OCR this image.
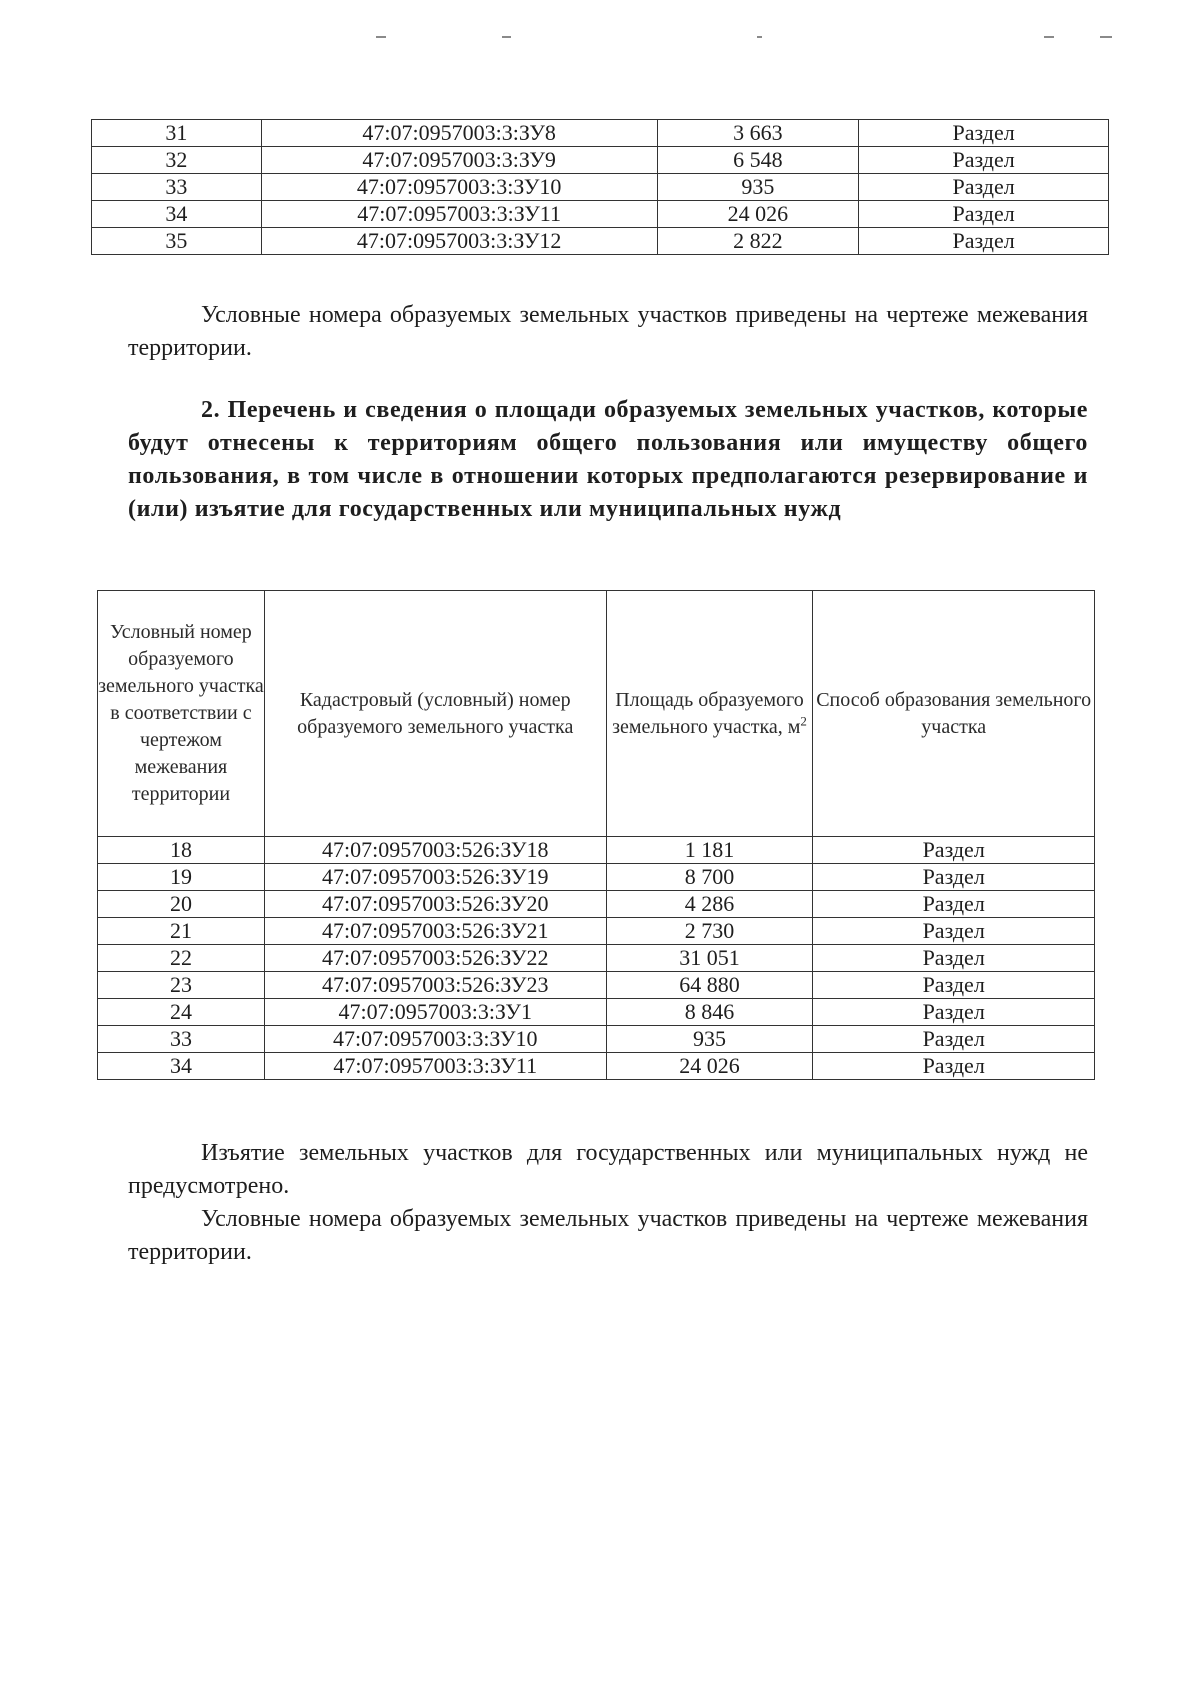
31	47:07:0957003:3:ЗУ8	3 663	Раздел
32	47:07:0957003:3:ЗУ9	6 548	Раздел
33	47:07:0957003:3:ЗУ10	935	Раздел
34	47:07:0957003:3:ЗУ11	24 026	Раздел
35	47:07:0957003:3:ЗУ12	2 822	Раздел

Условные номера образуемых земельных участков приведены на чертеже межевания территории.

2. Перечень и сведения о площади образуемых земельных участков, которые будут отнесены к территориям общего пользования или имуществу общего пользования, в том числе в отношении которых предполагаются резервирование и (или) изъятие для государственных или муниципальных нужд

Условный номер образуемого земельного участка в соответствии с чертежом межевания территории	Кадастровый (условный) номер образуемого земельного участка	Площадь образуемого земельного участка, $м^2$	Способ образования земельного участка
18	47:07:0957003:526:ЗУ18	1 181	Раздел
19	47:07:0957003:526:ЗУ19	8 700	Раздел
20	47:07:0957003:526:ЗУ20	4 286	Раздел
21	47:07:0957003:526:ЗУ21	2 730	Раздел
22	47:07:0957003:526:ЗУ22	31 051	Раздел
23	47:07:0957003:526:ЗУ23	64 880	Раздел
24	47:07:0957003:3:ЗУ1	8 846	Раздел
33	47:07:0957003:3:ЗУ10	935	Раздел
34	47:07:0957003:3:ЗУ11	24 026	Раздел

Изъятие земельных участков для государственных или муниципальных нужд не предусмотрено.

Условные номера образуемых земельных участков приведены на чертеже межевания территории.
